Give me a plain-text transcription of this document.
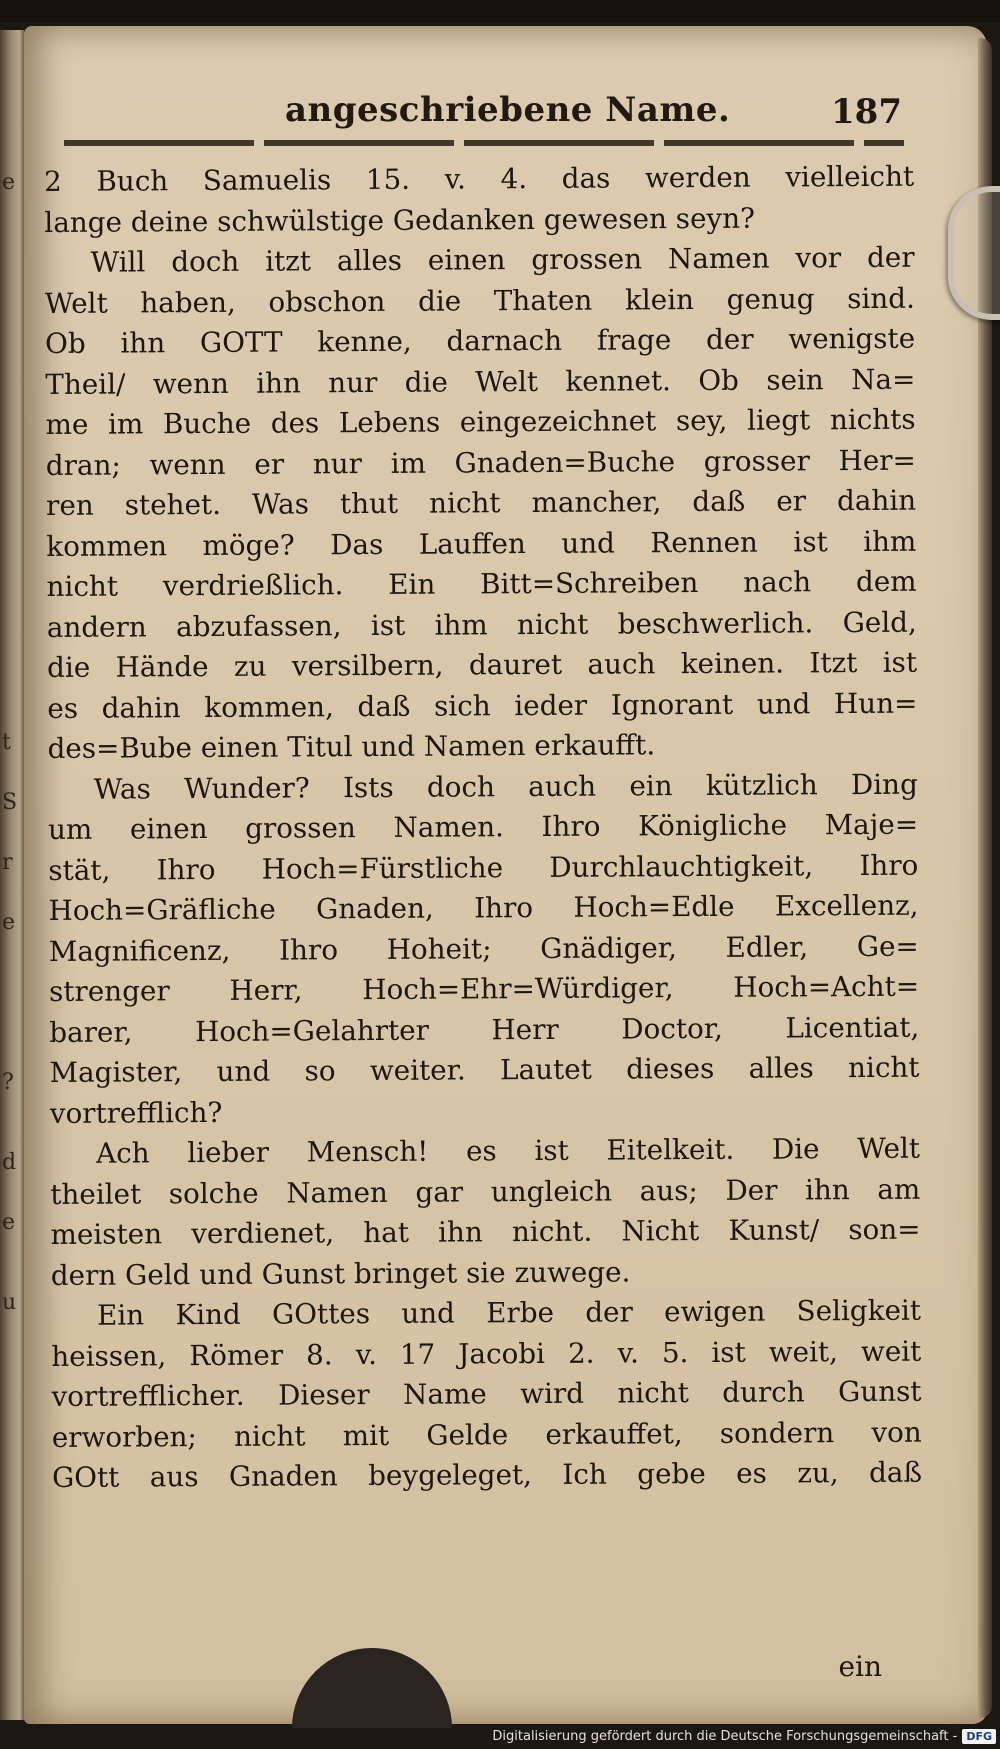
e
t
S
r
e
?
d
e
u
angeschriebene Name.	187
2 Buch Samuelis 15. v. 4. das werden vielleicht
lange deine schwülstige Gedanken gewesen seyn?
Will doch itzt alles einen grossen Namen vor der
Welt haben, obschon die Thaten klein genug sind.
Ob ihn GOTT kenne, darnach frage der wenigste
Theil/ wenn ihn nur die Welt kennet. Ob sein Na=
me im Buche des Lebens eingezeichnet sey, liegt nichts
dran; wenn er nur im Gnaden=Buche grosser Her=
ren stehet. Was thut nicht mancher, daß er dahin
kommen möge? Das Lauffen und Rennen ist ihm
nicht verdrießlich. Ein Bitt=Schreiben nach dem
andern abzufassen, ist ihm nicht beschwerlich. Geld,
die Hände zu versilbern, dauret auch keinen. Itzt ist
es dahin kommen, daß sich ieder Ignorant und Hun=
des=Bube einen Titul und Namen erkaufft.
Was Wunder? Ists doch auch ein kützlich Ding
um einen grossen Namen. Ihro Königliche Maje=
stät, Ihro Hoch=Fürstliche Durchlauchtigkeit, Ihro
Hoch=Gräfliche Gnaden, Ihro Hoch=Edle Excellenz,
Magnificenz, Ihro Hoheit; Gnädiger, Edler, Ge=
strenger Herr, Hoch=Ehr=Würdiger, Hoch=Acht=
barer, Hoch=Gelahrter Herr Doctor, Licentiat,
Magister, und so weiter. Lautet dieses alles nicht
vortrefflich?
Ach lieber Mensch! es ist Eitelkeit. Die Welt
theilet solche Namen gar ungleich aus; Der ihn am
meisten verdienet, hat ihn nicht. Nicht Kunst/ son=
dern Geld und Gunst bringet sie zuwege.
Ein Kind GOttes und Erbe der ewigen Seligkeit
heissen, Römer 8. v. 17 Jacobi 2. v. 5. ist weit, weit
vortrefflicher. Dieser Name wird nicht durch Gunst
erworben; nicht mit Gelde erkauffet, sondern von
GOtt aus Gnaden beygeleget, Ich gebe es zu, daß
ein
Digitalisierung gefördert durch die Deutsche Forschungsgemeinschaft - DFG
